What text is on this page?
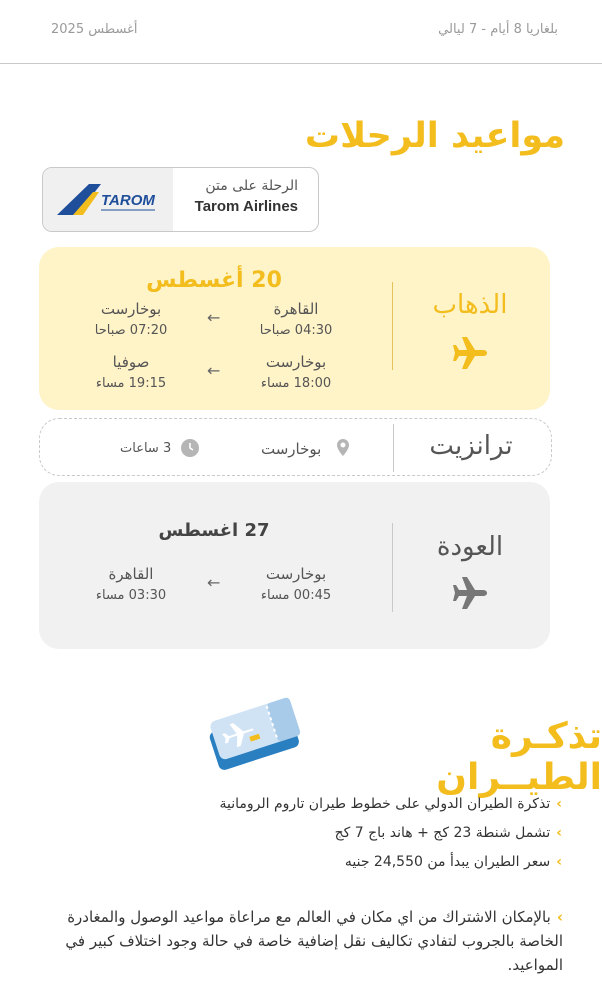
أغسطس 2025	بلغاريا 8 أيام - 7 ليالي
مواعيد الرحلات
TAROM
الرحلة على متن
Tarom Airlines
الذهاب
20 أغسطس
القاهرة
04:30 صباحا
←
بوخارست
07:20 صباحا
بوخارست
18:00 مساء
←
صوفيا
19:15 مساء
ترانزيت
بوخارست
3 ساعات
العودة
27 اغسطس
بوخارست
00:45 مساء
←
القاهرة
03:30 مساء
تذكـرة الطيــران
›تذكرة الطيران الدولي على خطوط طيران تاروم الرومانية
›تشمل شنطة 23 كج + هاند باج 7 كج
›سعر الطيران يبدأ من 24,550 جنيه
›بالإمكان الاشتراك من اي مكان في العالم مع مراعاة مواعيد الوصول والمغادرة الخاصة بالجروب لتفادي تكاليف نقل إضافية خاصة في حالة وجود اختلاف كبير في المواعيد.
